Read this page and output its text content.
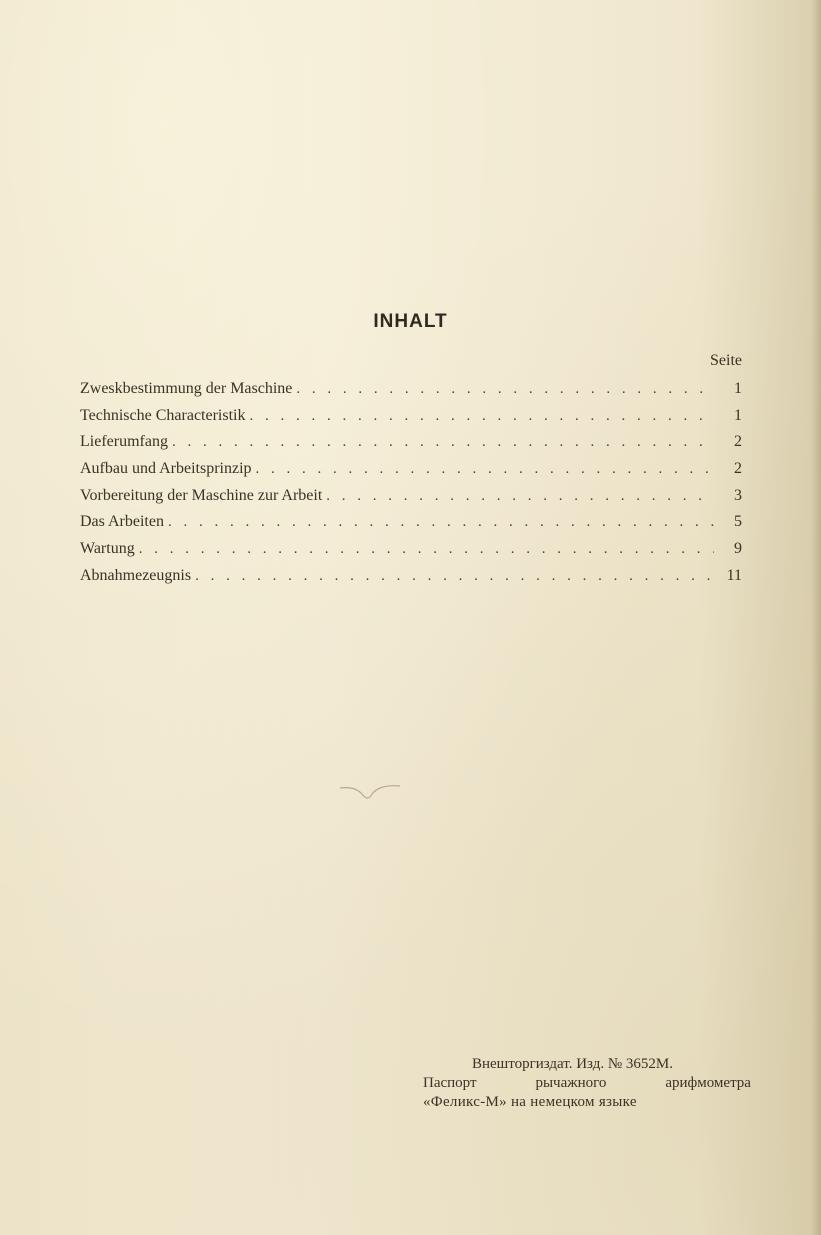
INHALT
Seite
Zweskbestimmung der Maschine . . .	1
Technische Characteristik . . .	1
Lieferumfang . . .	2
Aufbau und Arbeitsprinzip . . .	2
Vorbereitung der Maschine zur Arbeit . . .	3
Das Arbeiten . . .	5
Wartung . . .	9
Abnahmezeugnis . . .	11
Внешторгиздат. Изд. № 3652М.
Паспорт	рычажного	арифмометра
«Феликс-М» на немецком языке
